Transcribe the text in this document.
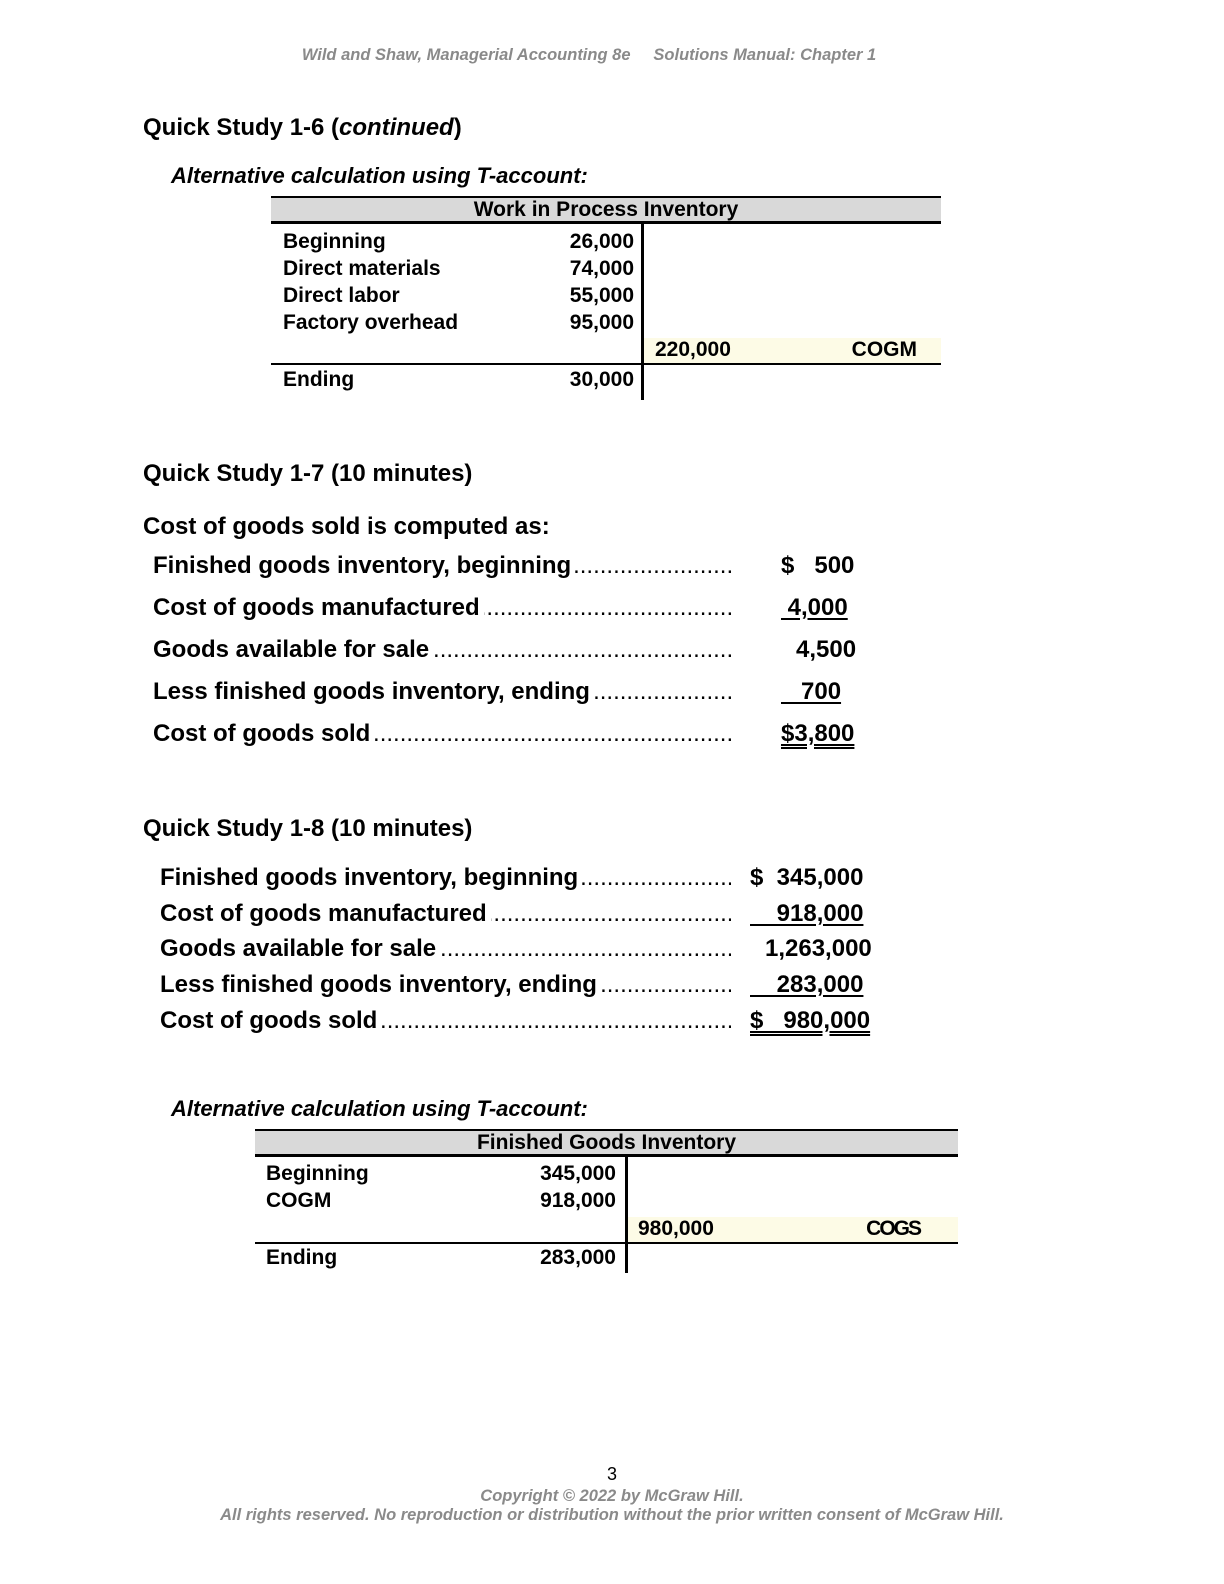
Wild and Shaw, Managerial Accounting 8e     Solutions Manual: Chapter 1
Quick Study 1-6 (continued)
Alternative calculation using T-account:
Work in Process Inventory
Beginning	26,000
Direct materials	74,000
Direct labor	55,000
Factory overhead	95,000
220,000	COGM
Ending	30,000
Quick Study 1-7 (10 minutes)
Cost of goods sold is computed as:
Finished goods inventory, beginning .....	$   500
Cost of goods manufactured .....	4,000
Goods available for sale .....	4,500
Less finished goods inventory, ending .....	700
Cost of goods sold .....	$3,800
Quick Study 1-8 (10 minutes)
Finished goods inventory, beginning .....	$  345,000
Cost of goods manufactured .....	918,000
Goods available for sale .....	1,263,000
Less finished goods inventory, ending .....	283,000
Cost of goods sold .....	$   980,000
Alternative calculation using T-account:
Finished Goods Inventory
Beginning	345,000
COGM	918,000
980,000	COGS
Ending	283,000
3
Copyright © 2022 by McGraw Hill.
All rights reserved. No reproduction or distribution without the prior written consent of McGraw Hill.
